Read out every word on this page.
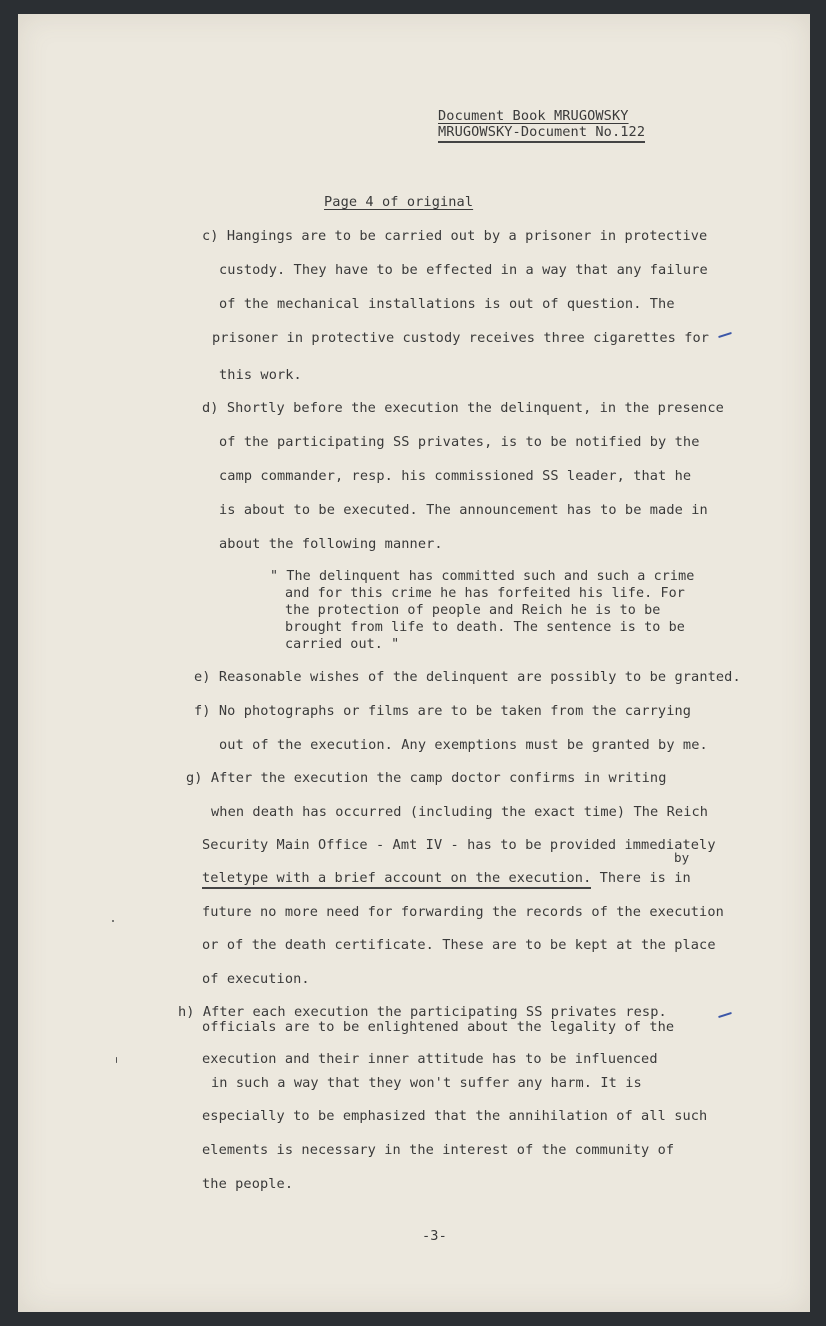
Document Book MRUGOWSKY
MRUGOWSKY-Document No.122
Page 4 of original
c) Hangings are to be carried out by a prisoner in protective
custody. They have to be effected in a way that any failure
of the mechanical installations is out of question. The
prisoner in protective custody receives three cigarettes for
this work.
d) Shortly before the execution the delinquent, in the presence
of the participating SS privates, is to be notified by the
camp commander, resp. his commissioned SS leader, that he
is about to be executed. The announcement has to be made in
about the following manner.
" The delinquent has committed such and such a crime
and for this crime he has forfeited his life. For
the protection of people and Reich he is to be
brought from life to death. The sentence is to be
carried out. "
e) Reasonable wishes of the delinquent are possibly to be granted.
f) No photographs or films are to be taken from the carrying
out of the execution. Any exemptions must be granted by me.
g) After the execution the camp doctor confirms in writing
when death has occurred (including the exact time) The Reich
Security Main Office - Amt IV - has to be provided immediately
by
teletype with a brief account on the execution. There is in
future no more need for forwarding the records of the execution
or of the death certificate. These are to be kept at the place
of execution.
h) After each execution the participating SS privates resp.
officials are to be enlightened about the legality of the
execution and their inner attitude has to be influenced
in such a way that they won't suffer any harm. It is
especially to be emphasized that the annihilation of all such
elements is necessary in the interest of the community of
the people.
-3-
